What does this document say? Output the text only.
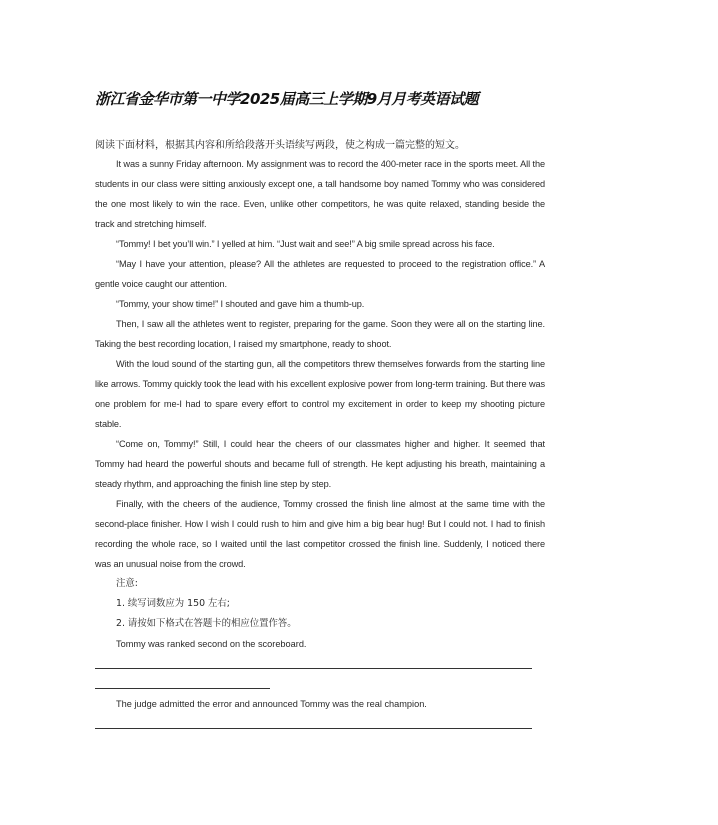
浙江省金华市第一中学2025届高三上学期9月月考英语试题
阅读下面材料，根据其内容和所给段落开头语续写两段，使之构成一篇完整的短文。

It was a sunny Friday afternoon. My assignment was to record the 400-meter race in the sports meet. All the students in our class were sitting anxiously except one, a tall handsome boy named Tommy who was considered the one most likely to win the race. Even, unlike other competitors, he was quite relaxed, standing beside the track and stretching himself.

“Tommy! I bet you’ll win.” I yelled at him. “Just wait and see!” A big smile spread across his face.

“May I have your attention, please? All the athletes are requested to proceed to the registration office.” A gentle voice caught our attention.

“Tommy, your show time!” I shouted and gave him a thumb-up.

Then, I saw all the athletes went to register, preparing for the game. Soon they were all on the starting line. Taking the best recording location, I raised my smartphone, ready to shoot.

With the loud sound of the starting gun, all the competitors threw themselves forwards from the starting line like arrows. Tommy quickly took the lead with his excellent explosive power from long-term training. But there was one problem for me-I had to spare every effort to control my excitement in order to keep my shooting picture stable.

“Come on, Tommy!” Still, I could hear the cheers of our classmates higher and higher. It seemed that Tommy had heard the powerful shouts and became full of strength. He kept adjusting his breath, maintaining a steady rhythm, and approaching the finish line step by step.

Finally, with the cheers of the audience, Tommy crossed the finish line almost at the same time with the second-place finisher. How I wish I could rush to him and give him a big bear hug! But I could not. I had to finish recording the whole race, so I waited until the last competitor crossed the finish line. Suddenly, I noticed there was an unusual noise from the crowd.

注意:

1. 续写词数应为 150 左右;

2. 请按如下格式在答题卡的相应位置作答。

Tommy was ranked second on the scoreboard.

The judge admitted the error and announced Tommy was the real champion.
